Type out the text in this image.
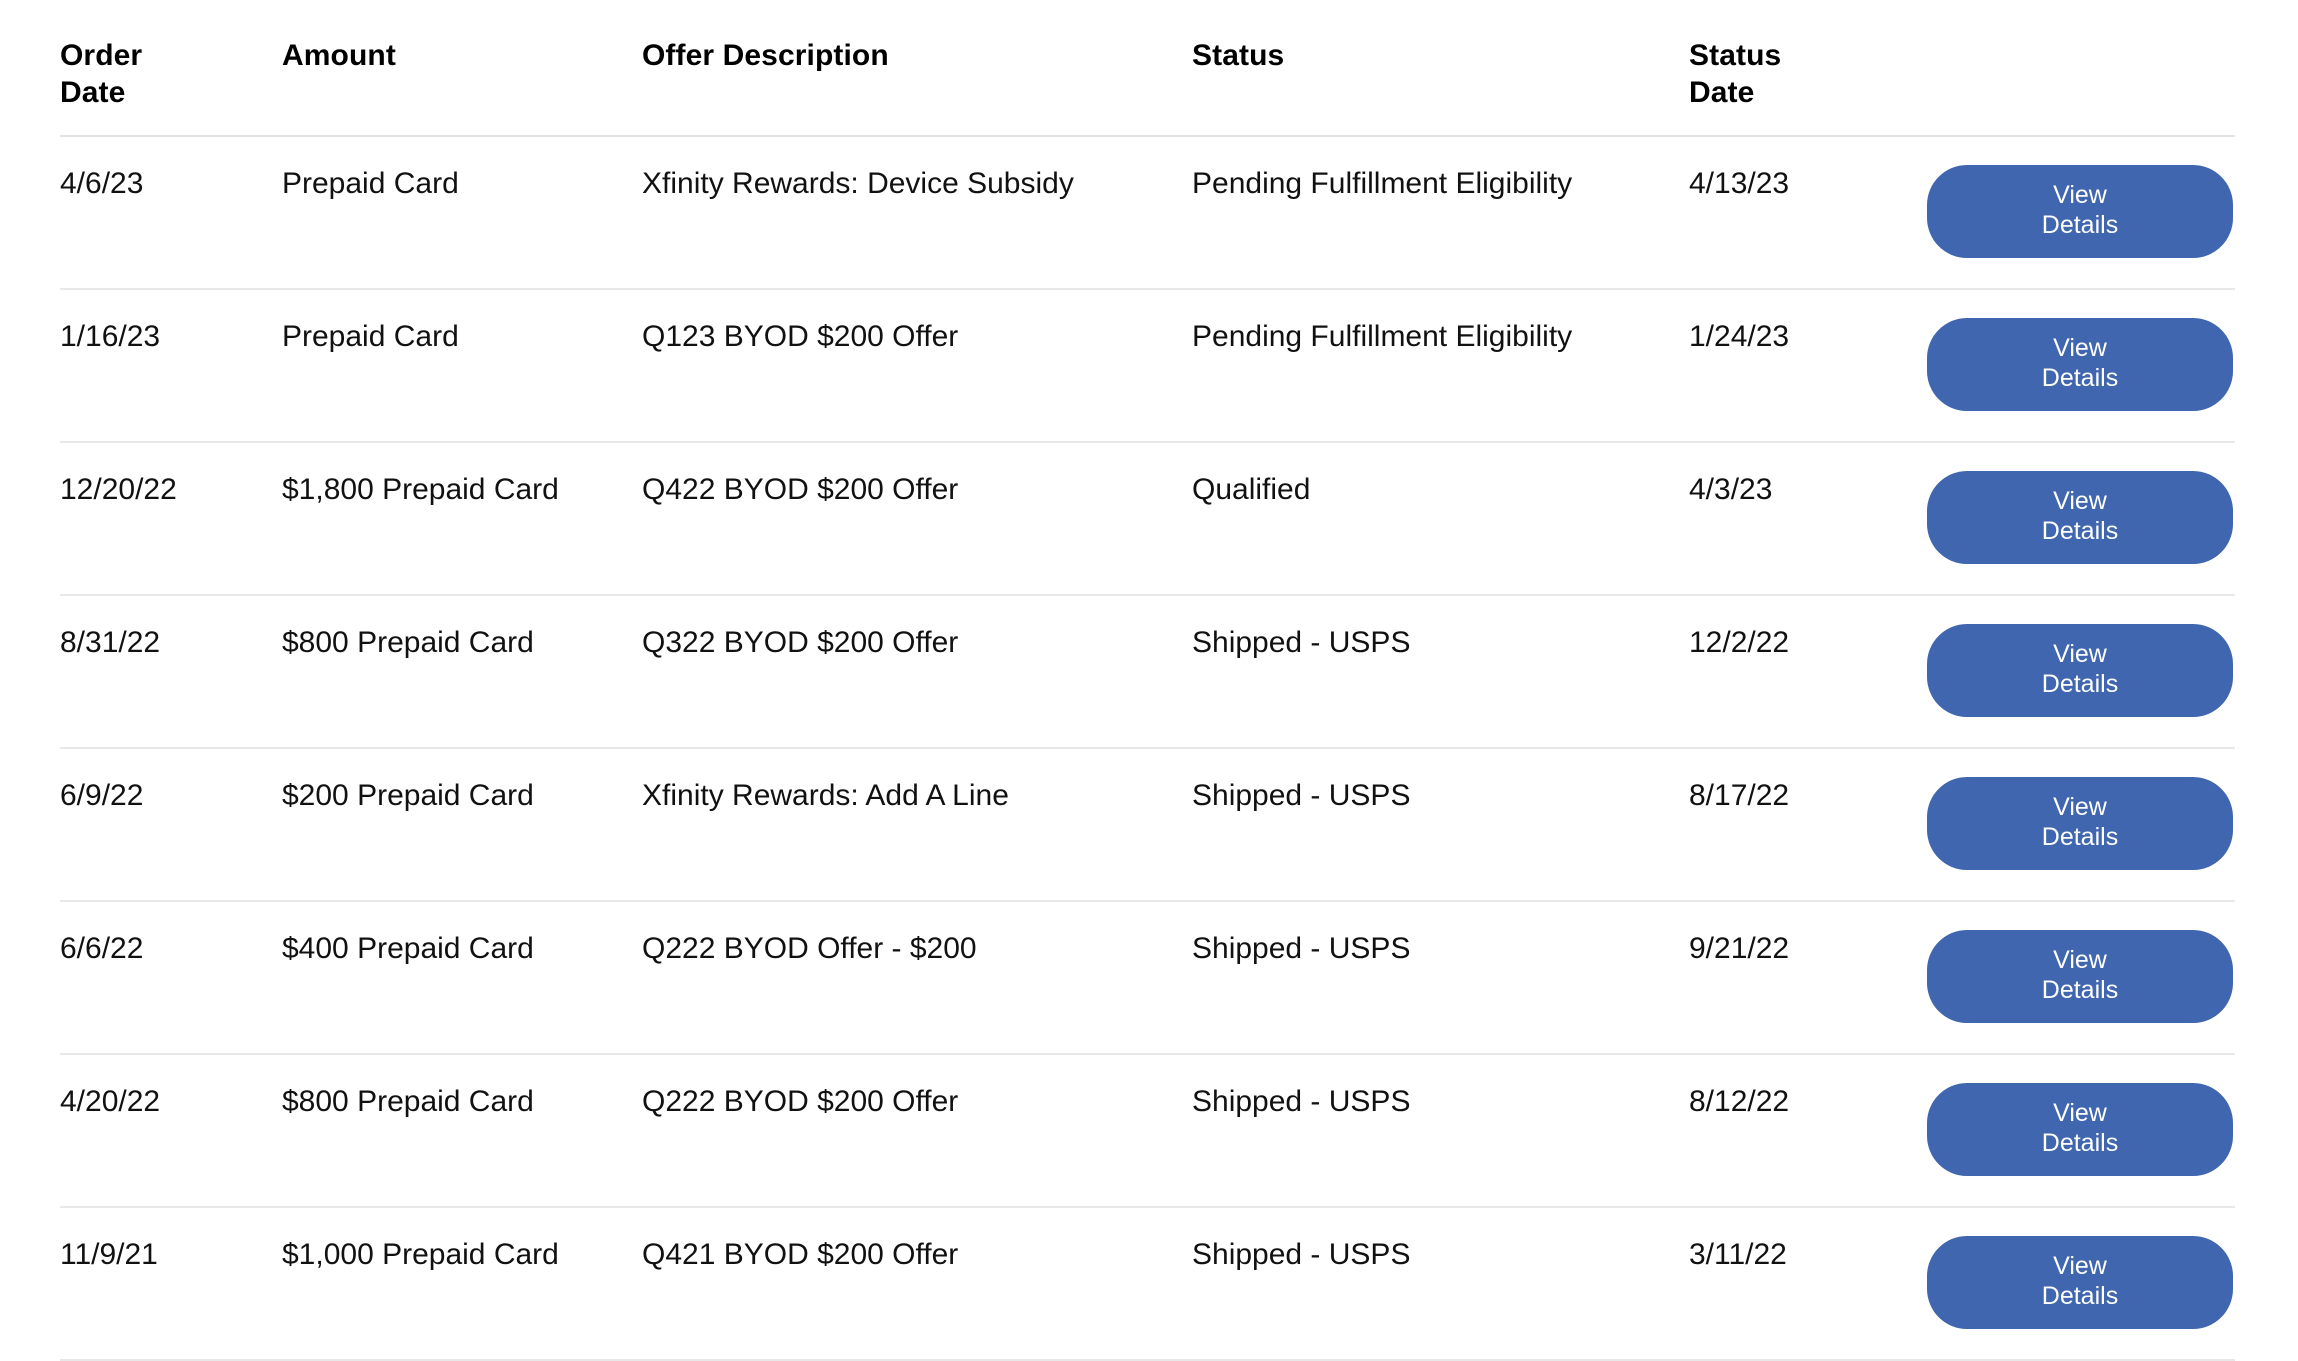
Order
Date	Amount	Offer Description	Status	Status
Date	

4/6/23	Prepaid Card	Xfinity Rewards: Device Subsidy	Pending Fulfillment Eligibility	4/13/23	View
Details

1/16/23	Prepaid Card	Q123 BYOD $200 Offer	Pending Fulfillment Eligibility	1/24/23	View
Details

12/20/22	$1,800 Prepaid Card	Q422 BYOD $200 Offer	Qualified	4/3/23	View
Details

8/31/22	$800 Prepaid Card	Q322 BYOD $200 Offer	Shipped - USPS	12/2/22	View
Details

6/9/22	$200 Prepaid Card	Xfinity Rewards: Add A Line	Shipped - USPS	8/17/22	View
Details

6/6/22	$400 Prepaid Card	Q222 BYOD Offer - $200	Shipped - USPS	9/21/22	View
Details

4/20/22	$800 Prepaid Card	Q222 BYOD $200 Offer	Shipped - USPS	8/12/22	View
Details

11/9/21	$1,000 Prepaid Card	Q421 BYOD $200 Offer	Shipped - USPS	3/11/22	View
Details
